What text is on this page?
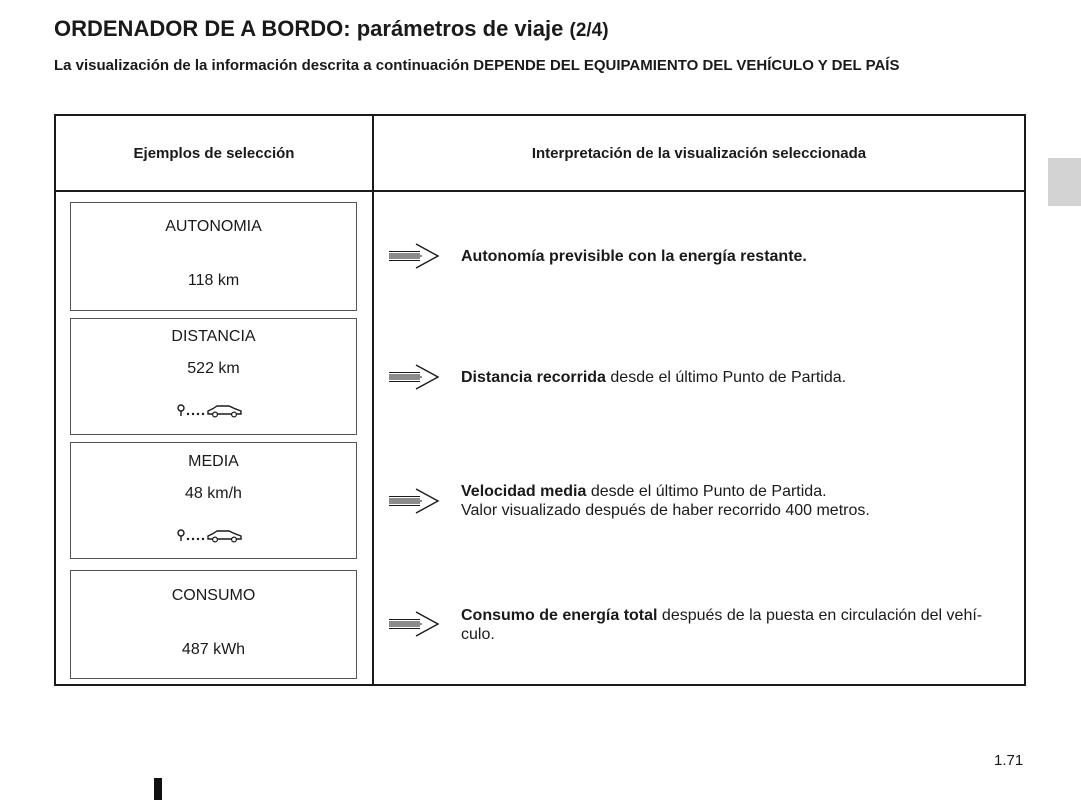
ORDENADOR DE A BORDO: parámetros de viaje (2/4)
La visualización de la información descrita a continuación DEPENDE DEL EQUIPAMIENTO DEL VEHÍCULO Y DEL PAÍS
Ejemplos de selección	Interpretación de la visualización seleccionada
AUTONOMIA
118 km
Autonomía previsible con la energía restante.
DISTANCIA
522 km
Distancia recorrida desde el último Punto de Partida.
MEDIA
48 km/h	Velocidad media desde el último Punto de Partida.
Valor visualizado después de haber recorrido 400 metros.
CONSUMO
487 kWh
Consumo de energía total después de la puesta en circulación del vehí-
culo.
1.71
